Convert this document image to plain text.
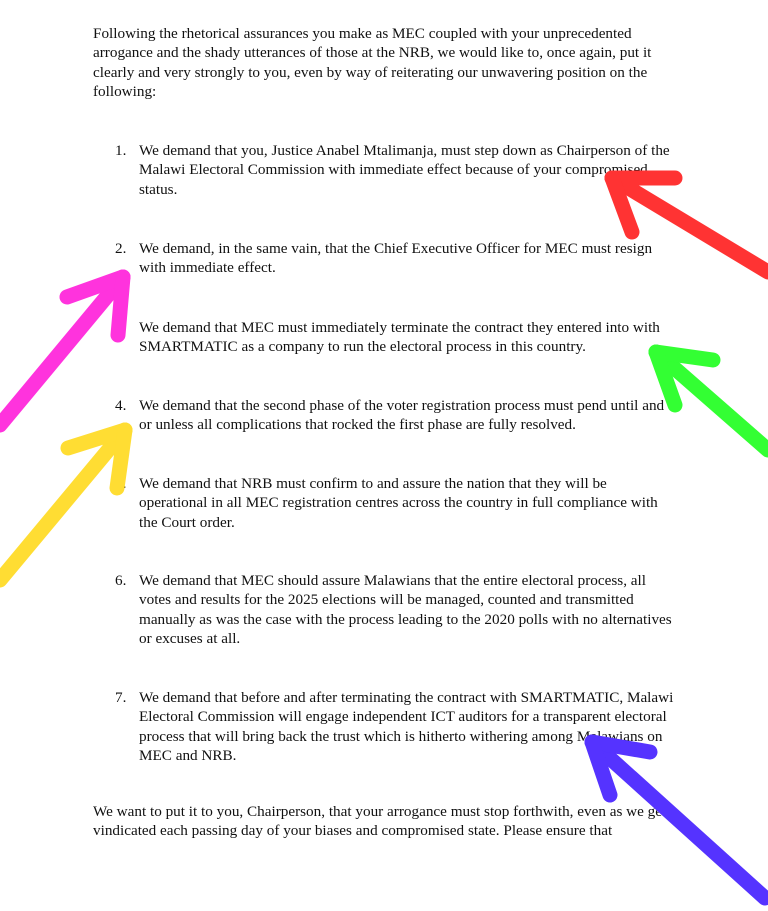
Following the rhetorical assurances you make as MEC coupled with your unprecedented arrogance and the shady utterances of those at the NRB, we would like to, once again, put it clearly and very strongly to you, even by way of reiterating our unwavering position on the following:

1. We demand that you, Justice Anabel Mtalimanja, must step down as Chairperson of the Malawi Electoral Commission with immediate effect because of your compromised status.
2. We demand, in the same vain, that the Chief Executive Officer for MEC must resign with immediate effect.
3. We demand that MEC must immediately terminate the contract they entered into with SMARTMATIC as a company to run the electoral process in this country.
4. We demand that the second phase of the voter registration process must pend until and or unless all complications that rocked the first phase are fully resolved.
5. We demand that NRB must confirm to and assure the nation that they will be operational in all MEC registration centres across the country in full compliance with the Court order.
6. We demand that MEC should assure Malawians that the entire electoral process, all votes and results for the 2025 elections will be managed, counted and transmitted manually as was the case with the process leading to the 2020 polls with no alternatives or excuses at all.
7. We demand that before and after terminating the contract with SMARTMATIC, Malawi Electoral Commission will engage independent ICT auditors for a transparent electoral process that will bring back the trust which is hitherto withering among Malawians on MEC and NRB.

We want to put it to you, Chairperson, that your arrogance must stop forthwith, even as we get vindicated each passing day of your biases and compromised state. Please ensure that
